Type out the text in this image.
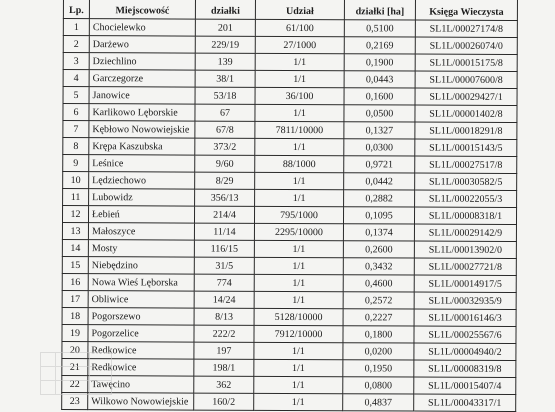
Lp.	Miejscowość	działki	Udział	działki [ha]	Księga Wieczysta
1	Chocielewko	201	61/100	0,5100	SL1L/00027174/8
2	Darżewo	229/19	27/1000	0,2169	SL1L/00026074/0
3	Dziechlino	139	1/1	0,1900	SL1L/00015175/8
4	Garczegorze	38/1	1/1	0,0443	SL1L/00007600/8
5	Janowice	53/18	36/100	0,1600	SL1L/00029427/1
6	Karlikowo Lęborskie	67	1/1	0,0500	SL1L/00001402/8
7	Kębłowo Nowowiejskie	67/8	7811/10000	0,1327	SL1L/00018291/8
8	Krępa Kaszubska	373/2	1/1	0,0300	SL1L/00015143/5
9	Leśnice	9/60	88/1000	0,9721	SL1L/00027517/8
10	Lędziechowo	8/29	1/1	0,0442	SL1L/00030582/5
11	Lubowidz	356/13	1/1	0,2882	SL1L/00022055/3
12	Łebień	214/4	795/1000	0,1095	SL1L/00008318/1
13	Małoszyce	11/14	2295/10000	0,1374	SL1L/00029142/9
14	Mosty	116/15	1/1	0,2600	SL1L/00013902/0
15	Niebędzino	31/5	1/1	0,3432	SL1L/00027721/8
16	Nowa Wieś Lęborska	774	1/1	0,4600	SL1L/00014917/5
17	Obliwice	14/24	1/1	0,2572	SL1L/00032935/9
18	Pogorszewo	8/13	5128/10000	0,2227	SL1L/00016146/3
19	Pogorzelice	222/2	7912/10000	0,1800	SL1L/00025567/6
20	Redkowice	197	1/1	0,0200	SL1L/00004940/2
21	Redkowice	198/1	1/1	0,1950	SL1L/00008319/8
22	Tawęcino	362	1/1	0,0800	SL1L/00015407/4
23	Wilkowo Nowowiejskie	160/2	1/1	0,4837	SL1L/00043317/1
